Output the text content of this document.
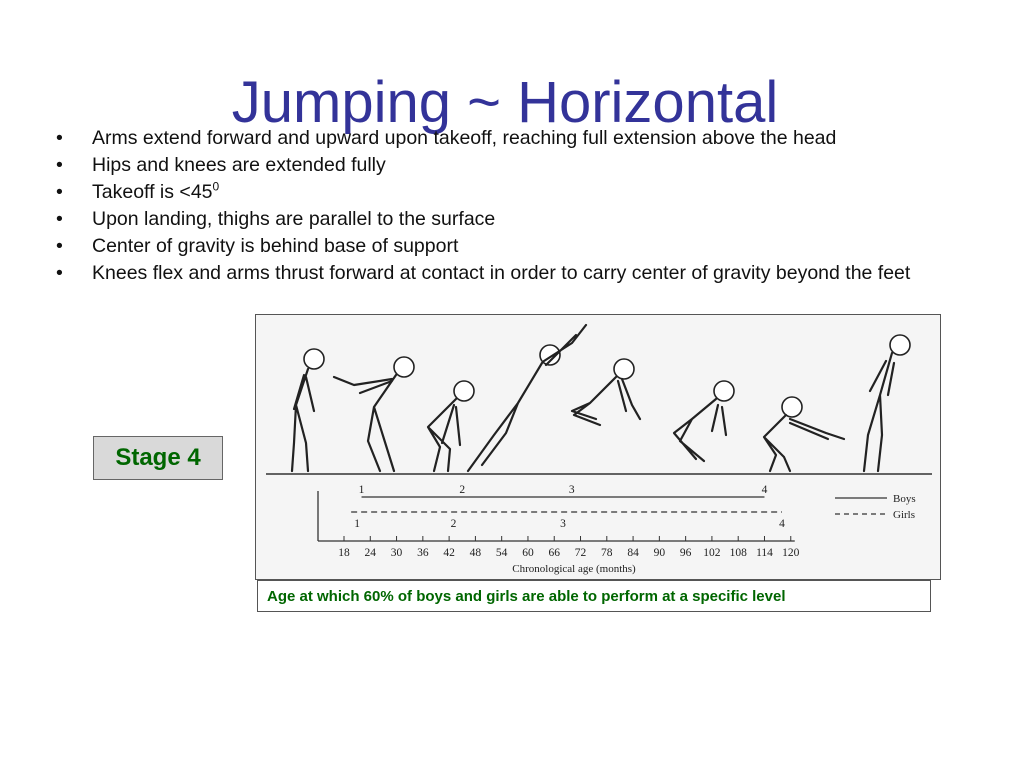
Jumping ~ Horizontal
• Arms extend forward and upward upon takeoff, reaching full extension above the head
• Hips and knees are extended fully
• Takeoff is $<45^0$
• Upon landing, thighs are parallel to the surface
• Center of gravity is behind base of support
• Knees flex and arms thrust forward at contact in order to carry center of gravity beyond the feet
Stage 4
18 24 30 36 42 48 54 60 66 72 78 84 90 96 102 108 114 120
1	2	3	4
1	2	3	4
Boys
Girls
Chronological age (months)
Age at which 60% of boys and girls are able to perform at a specific level
